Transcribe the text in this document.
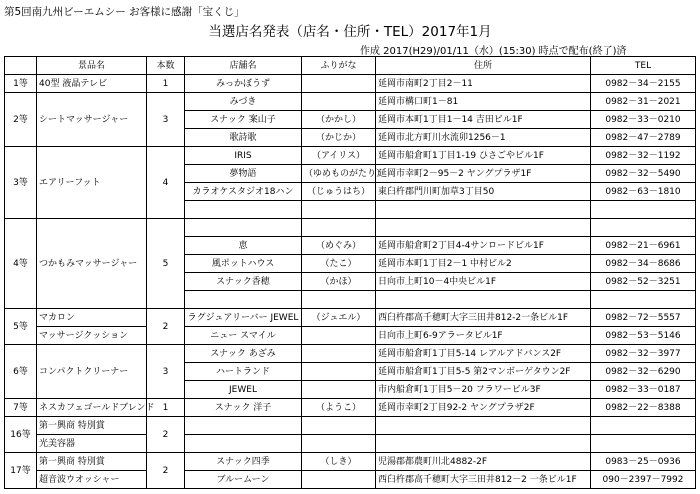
第5回南九州ビーエムシー お客様に感謝「宝くじ」
当選店名発表（店名・住所・TEL）2017年1月
作成 2017(H29)/01/11（水）(15:30) 時点で配布(終了)済
	景品名	本数	店舗名	ふりがな	住所	TEL
1等	40型 液晶テレビ	1	みっかぼうず		延岡市南町2丁目2－11	0982－34－2155
2等	シートマッサージャー	3	みづき		延岡市構口町1－81	0982－31－2021
			スナック 案山子	（かかし）	延岡市本町1丁目1－14 吉田ビル1F	0982－33－0210
			歌詩歌	（かじか）	延岡市北方町川水流卯1256－1	0982－47－2789
3等	エアリーフット	4	IRIS	（アイリス）	延岡市船倉町1丁目1-19 ひさごやビル1F	0982－32－1192
			夢物語	（ゆめものがたり）	延岡市幸町2－95－2 ヤングプラザ1F	0982－32－5490
			カラオケスタジオ18ハン	（じゅうはち）	東臼杵郡門川町加草3丁目50	0982－63－1810

4等	つかもみマッサージャー	5				
			恵	（めぐみ）	延岡市船倉町2丁目4-4サンロードビル1F	0982－21－6961
			風ポットハウス	（たこ）	延岡市本町1丁目2－1 中村ビル2	0982－34－8686
			スナック香穂	（かほ）	日向市上町10－4中央ビル1F	0982－52－3251

5等	マカロン	2	ラグジュアリーバー JEWEL	（ジュエル）	西臼杵郡高千穂町大字三田井812-2一条ビル1F	0982－72－5557
	マッサージクッション		ニュー スマイル		日向市上町6-9アラータビル1F	0982－53－5146
6等	コンパクトクリーナー	3	スナック あざみ		延岡市船倉町1丁目5-14 レアルアドバンス2F	0982－32－3977
			ハートランド		延岡市船倉町1丁目5-5 第2マンボーゲタウン2F	0982－32－6290
			JEWEL		市内船倉町1丁目5－20 フラワービル3F	0982－33－0187
7等	ネスカフェゴールドブレンド	1	スナック 洋子	（ようこ）	延岡市幸町2丁目92-2 ヤングプラザ2F	0982－22－8388
16等	第一興商 特別賞	2				
	光美容器					
17等	第一興商 特別賞	2	スナック四季	（しき）	児湯郡都農町川北4882-2F	0983－25－0936
	超音波ウオッシャー		ブルームーン		西臼杵郡高千穂町大字三田井812－2 一条ビル1F	090－2397－7992
